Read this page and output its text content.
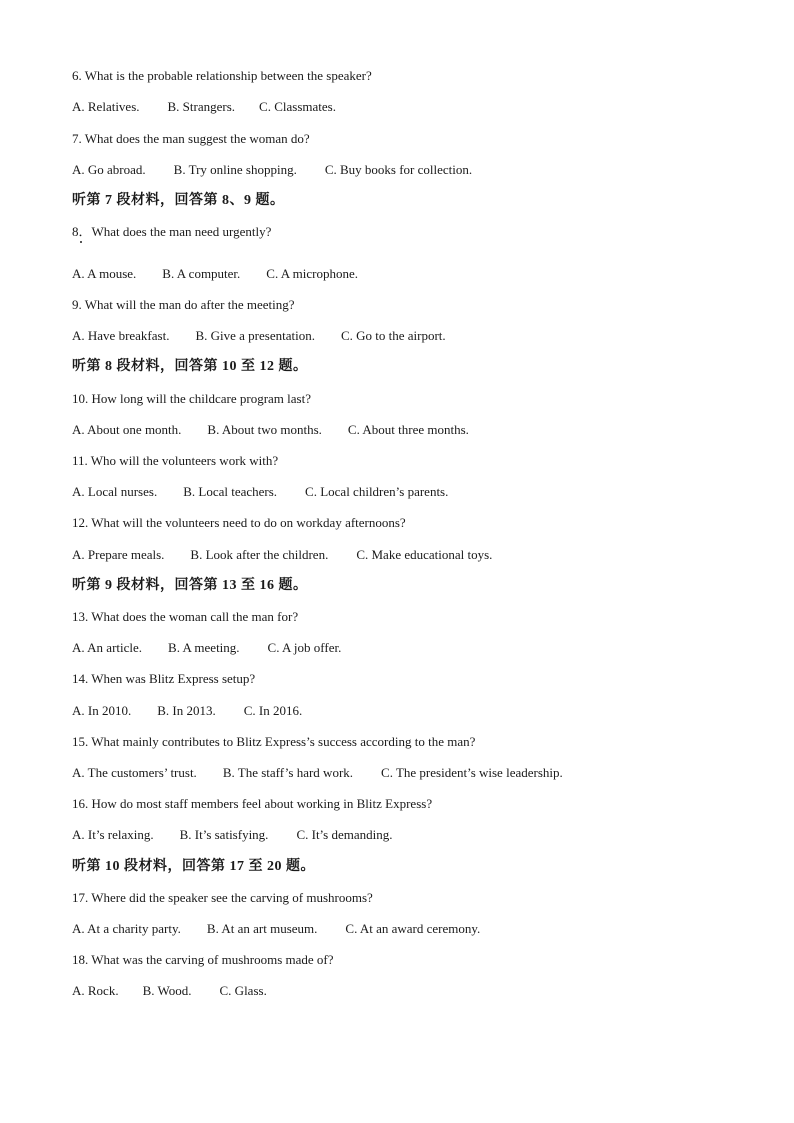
6. What is the probable relationship between the speaker?
A. Relatives. B. Strangers. C. Classmates.
7. What does the man suggest the woman do?
A. Go abroad. B. Try online shopping. C. Buy books for collection.
听第 7 段材料，回答第 8、9 题。
8．What does the man need urgently?
A. A mouse. B. A computer. C. A microphone.
9. What will the man do after the meeting?
A. Have breakfast. B. Give a presentation. C. Go to the airport.
听第 8 段材料，回答第 10 至 12 题。
10. How long will the childcare program last?
A. About one month. B. About two months. C. About three months.
11. Who will the volunteers work with?
A. Local nurses. B. Local teachers. C. Local children’s parents.
12. What will the volunteers need to do on workday afternoons?
A. Prepare meals. B. Look after the children. C. Make educational toys.
听第 9 段材料，回答第 13 至 16 题。
13. What does the woman call the man for?
A. An article. B. A meeting. C. A job offer.
14. When was Blitz Express setup?
A. In 2010. B. In 2013. C. In 2016.
15. What mainly contributes to Blitz Express’s success according to the man?
A. The customers’ trust. B. The staff’s hard work. C. The president’s wise leadership.
16. How do most staff members feel about working in Blitz Express?
A. It’s relaxing. B. It’s satisfying. C. It’s demanding.
听第 10 段材料，回答第 17 至 20 题。
17. Where did the speaker see the carving of mushrooms?
A. At a charity party. B. At an art museum. C. At an award ceremony.
18. What was the carving of mushrooms made of?
A. Rock. B. Wood. C. Glass.
